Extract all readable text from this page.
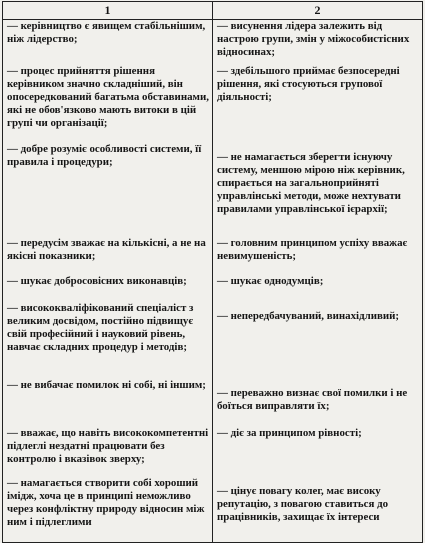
1	2

— керівництво є явищем стабільнішим, ніж лідерство;	— висунення лідера залежить від настрою групи, змін у міжособистісних відносинах;

— процес прийняття рішення керівником значно складніший, він опосередкований багатьма обставинами, які не обов'язково мають витоки в цій групі чи організації;	— здебільшого приймає безпосередні рішення, які стосуються групової діяльності;

— добре розуміє особливості системи, її правила і процедури;	— не намагається зберегти існуючу систему, меншою мірою ніж керівник, спирається на загальноприйняті управлінські методи, може нехтувати правилами управлінської ієрархії;

— передусім зважає на кількісні, а не на якісні показники;	— головним принципом успіху вважає невимушеність;

— шукає добросовісних виконавців;	— шукає однодумців;

— висококваліфікований спеціаліст з великим досвідом, постійно підвищує свій професійний і науковий рівень, навчає складних процедур і методів;	— непередбачуваний, винахідливий;

— не вибачає помилок ні собі, ні іншим;	— переважно визнає свої помилки і не боїться виправляти їх;

— вважає, що навіть висококомпетентні підлеглі нездатні працювати без контролю і вказівок зверху;	— діє за принципом рівності;

— намагається створити собі хороший імідж, хоча це в принципі неможливо через конфліктну природу відносин між ним і підлеглими	— цінує повагу колег, має високу репутацію, з повагою ставиться до працівників, захищає їх інтереси
